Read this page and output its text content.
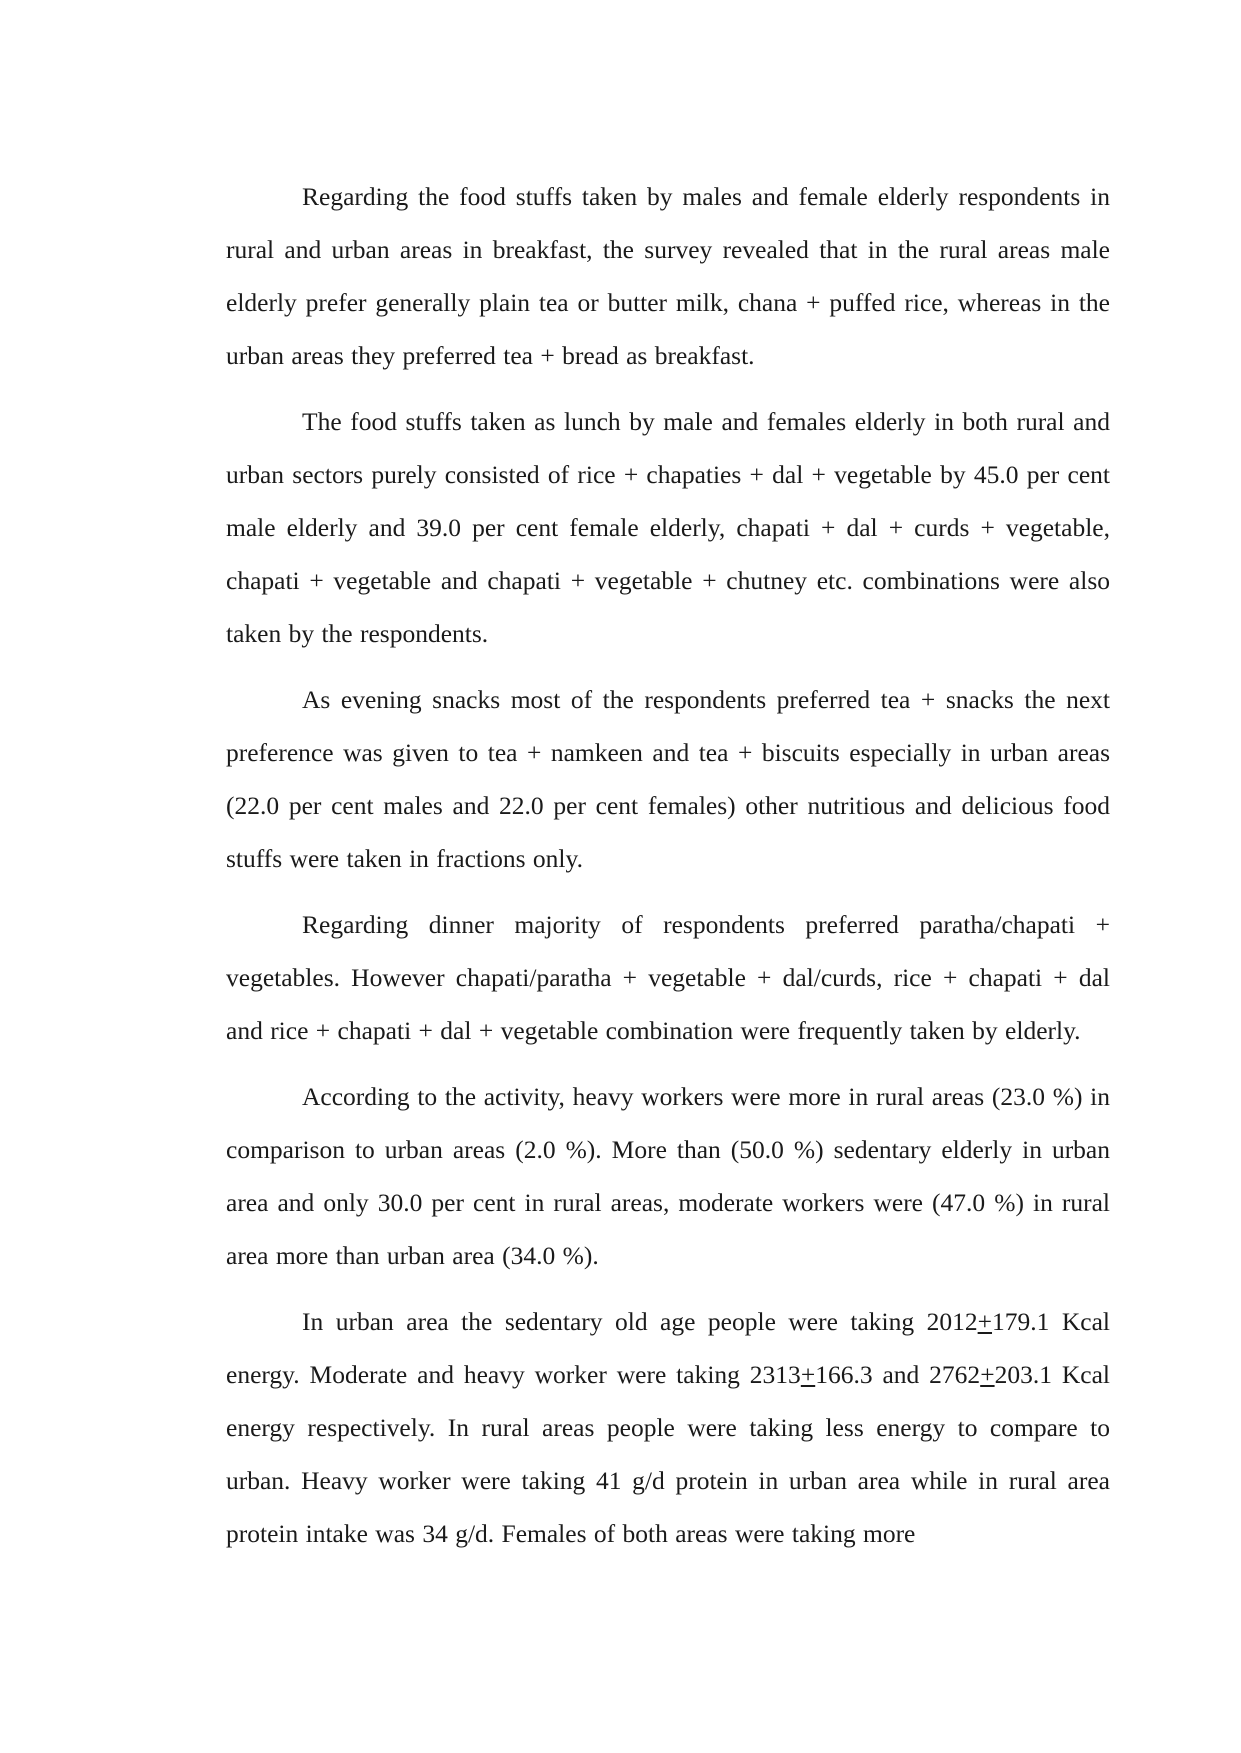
Regarding the food stuffs taken by males and female elderly respondents in rural and urban areas in breakfast, the survey revealed that in the rural areas male elderly prefer generally plain tea or butter milk, chana + puffed rice, whereas in the urban areas they preferred tea + bread as breakfast.

The food stuffs taken as lunch by male and females elderly in both rural and urban sectors purely consisted of rice + chapaties + dal + vegetable by 45.0 per cent male elderly and 39.0 per cent female elderly, chapati + dal + curds + vegetable, chapati + vegetable and chapati + vegetable + chutney etc. combinations were also taken by the respondents.

As evening snacks most of the respondents preferred tea + snacks the next preference was given to tea + namkeen and tea + biscuits especially in urban areas (22.0 per cent males and 22.0 per cent females) other nutritious and delicious food stuffs were taken in fractions only.

Regarding dinner majority of respondents preferred paratha/chapati + vegetables. However chapati/paratha + vegetable + dal/curds, rice + chapati + dal and rice + chapati + dal + vegetable combination were frequently taken by elderly.

According to the activity, heavy workers were more in rural areas (23.0 %) in comparison to urban areas (2.0 %). More than (50.0 %) sedentary elderly in urban area and only 30.0 per cent in rural areas, moderate workers were (47.0 %) in rural area more than urban area (34.0 %).

In urban area the sedentary old age people were taking 2012+179.1 Kcal energy. Moderate and heavy worker were taking 2313+166.3 and 2762+203.1 Kcal energy respectively. In rural areas people were taking less energy to compare to urban. Heavy worker were taking 41 g/d protein in urban area while in rural area protein intake was 34 g/d. Females of both areas were taking more
